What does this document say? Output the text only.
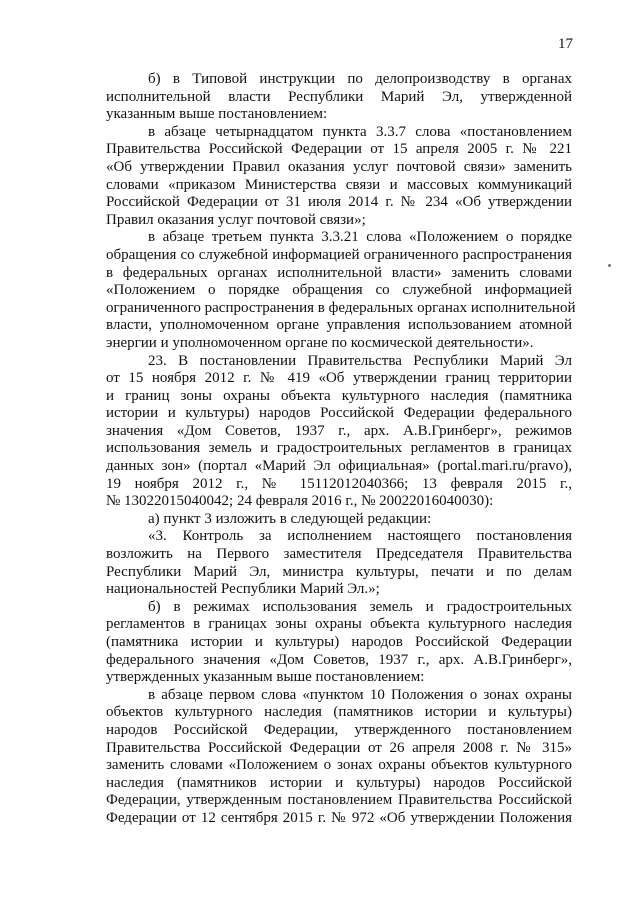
17

б) в Типовой инструкции по делопроизводству в органах

исполнительной власти Республики Марий Эл, утвержденной

указанным выше постановлением:

в абзаце четырнадцатом пункта 3.3.7 слова «постановлением

Правительства Российской Федерации от 15 апреля 2005 г. № 221

«Об утверждении Правил оказания услуг почтовой связи» заменить

словами «приказом Министерства связи и массовых коммуникаций

Российской Федерации от 31 июля 2014 г. № 234 «Об утверждении

Правил оказания услуг почтовой связи»;

в абзаце третьем пункта 3.3.21 слова «Положением о порядке

обращения со служебной информацией ограниченного распространения

в федеральных органах исполнительной власти» заменить словами

«Положением о порядке обращения со служебной информацией

ограниченного распространения в федеральных органах исполнительной

власти, уполномоченном органе управления использованием атомной

энергии и уполномоченном органе по космической деятельности».

23. В постановлении Правительства Республики Марий Эл

от 15 ноября 2012 г. № 419 «Об утверждении границ территории

и границ зоны охраны объекта культурного наследия (памятника

истории и культуры) народов Российской Федерации федерального

значения «Дом Советов, 1937 г., арх. А.В.Гринберг», режимов

использования земель и градостроительных регламентов в границах

данных зон» (портал «Марий Эл официальная» (portal.mari.ru/pravo),

19 ноября 2012 г., № 15112012040366; 13 февраля 2015 г.,

№ 13022015040042; 24 февраля 2016 г., № 20022016040030):

а) пункт 3 изложить в следующей редакции:

«3. Контроль за исполнением настоящего постановления

возложить на Первого заместителя Председателя Правительства

Республики Марий Эл, министра культуры, печати и по делам

национальностей Республики Марий Эл.»;

б) в режимах использования земель и градостроительных

регламентов в границах зоны охраны объекта культурного наследия

(памятника истории и культуры) народов Российской Федерации

федерального значения «Дом Советов, 1937 г., арх. А.В.Гринберг»,

утвержденных указанным выше постановлением:

в абзаце первом слова «пунктом 10 Положения о зонах охраны

объектов культурного наследия (памятников истории и культуры)

народов Российской Федерации, утвержденного постановлением

Правительства Российской Федерации от 26 апреля 2008 г. № 315»

заменить словами «Положением о зонах охраны объектов культурного

наследия (памятников истории и культуры) народов Российской

Федерации, утвержденным постановлением Правительства Российской

Федерации от 12 сентября 2015 г. № 972 «Об утверждении Положения
